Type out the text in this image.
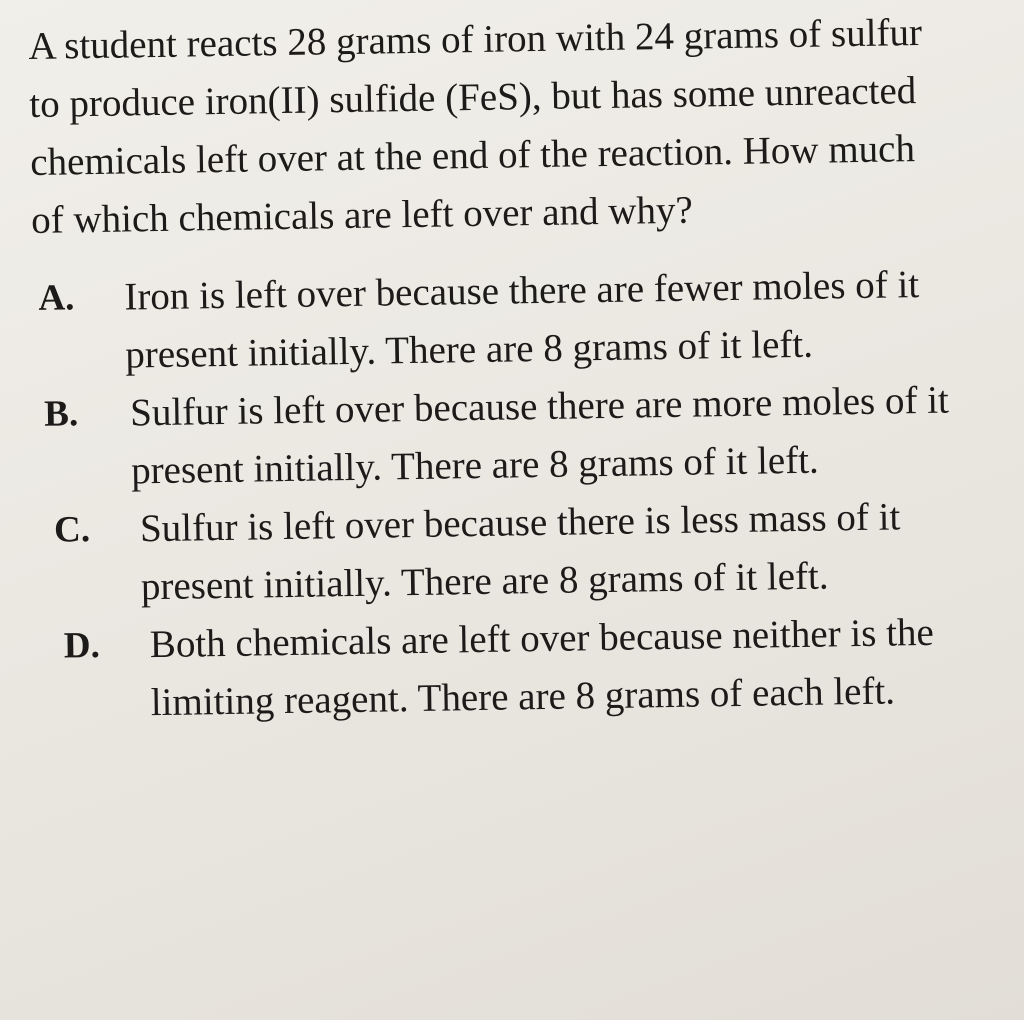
A student reacts 28 grams of iron with 24 grams of sulfur to produce iron(II) sulfide (FeS), but has some unreacted chemicals left over at the end of the reaction. How much of which chemicals are left over and why?

A.	Iron is left over because there are fewer moles of it present initially. There are 8 grams of it left.
B.	Sulfur is left over because there are more moles of it present initially. There are 8 grams of it left.
C.	Sulfur is left over because there is less mass of it present initially. There are 8 grams of it left.
D.	Both chemicals are left over because neither is the limiting reagent. There are 8 grams of each left.
